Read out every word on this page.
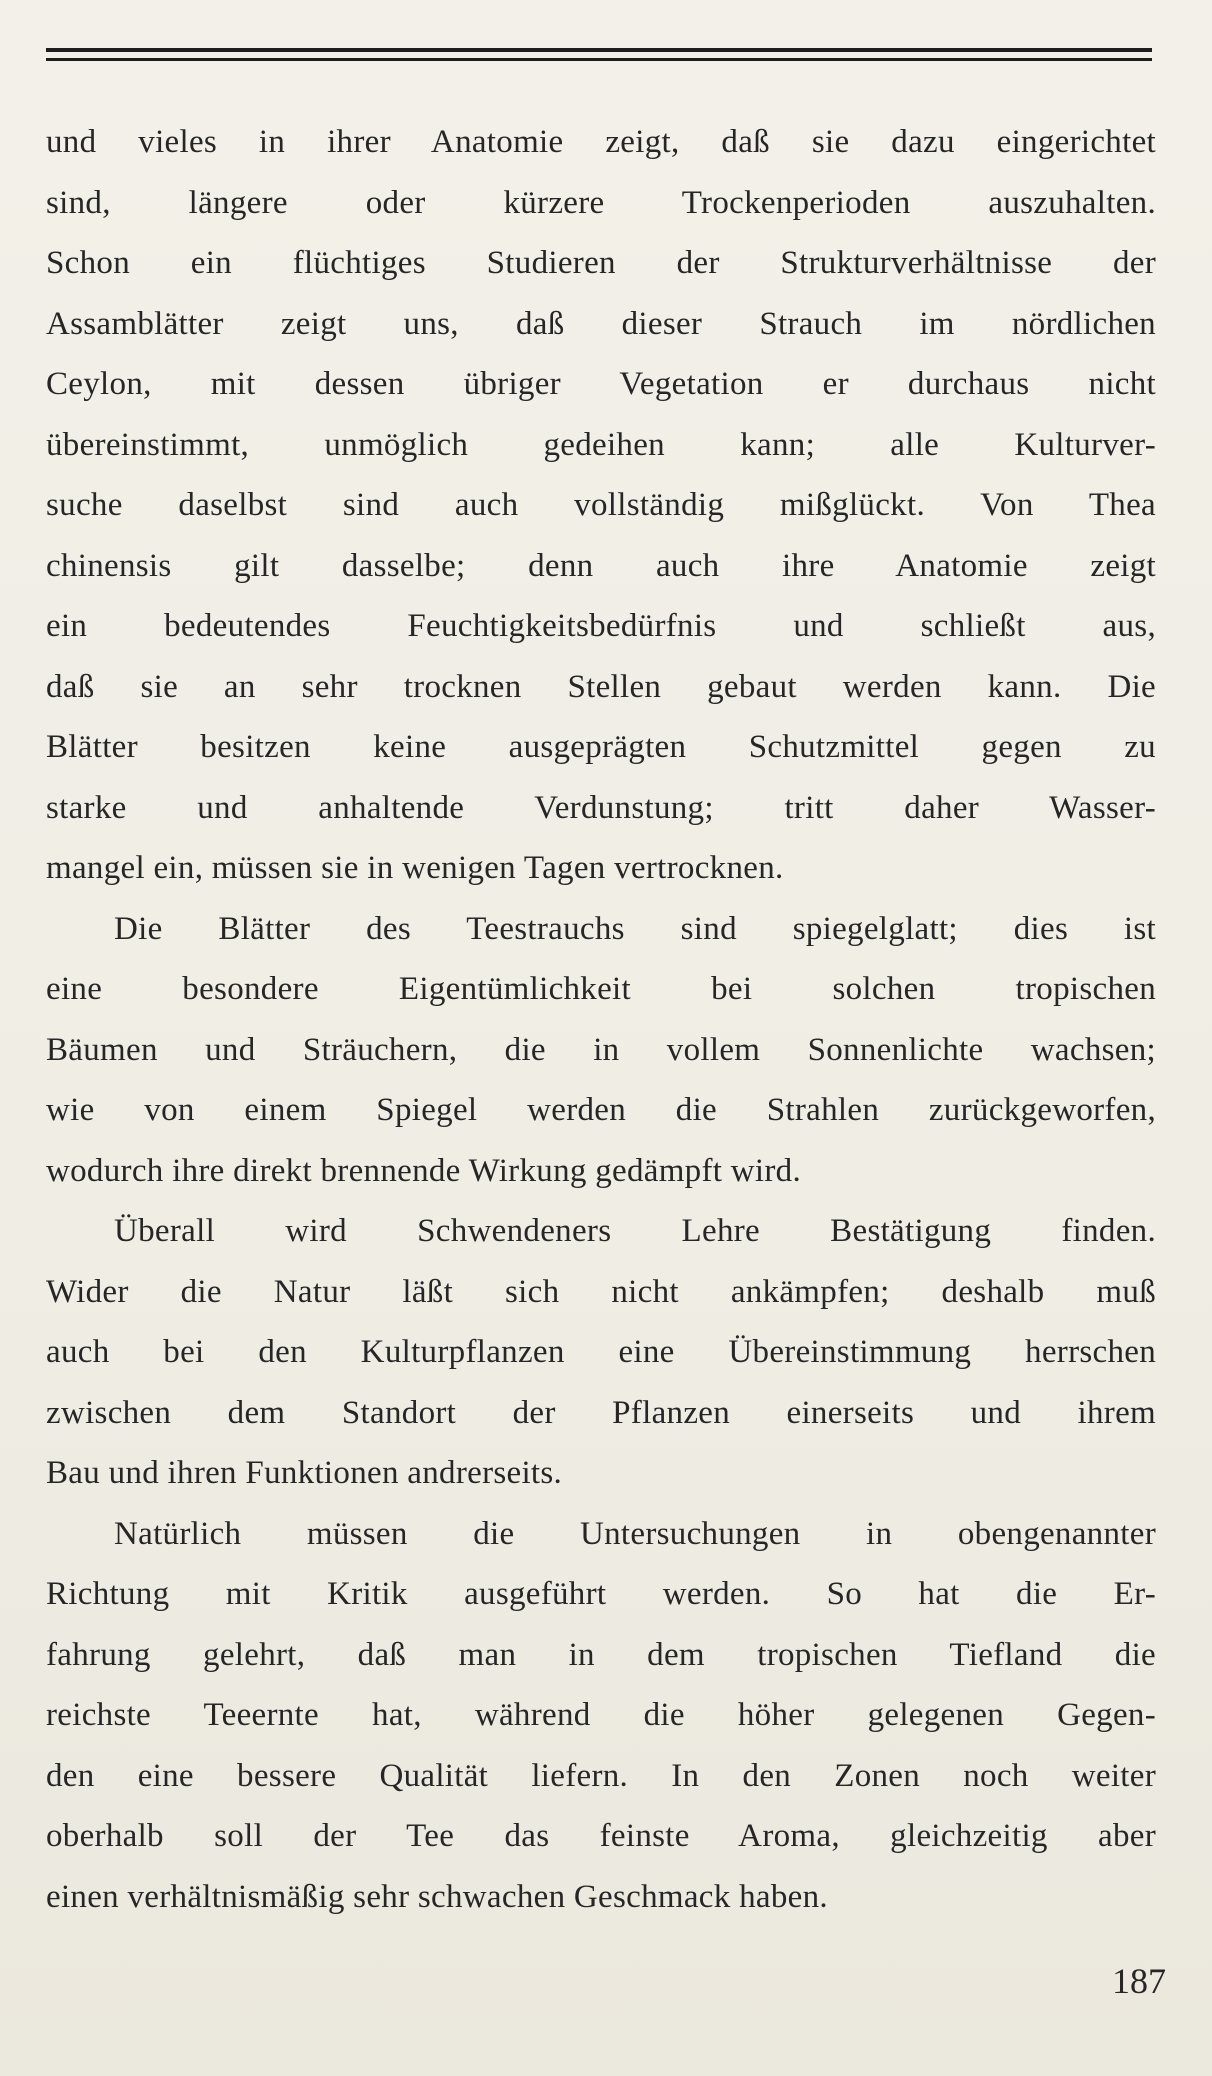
und vieles in ihrer Anatomie zeigt, daß sie dazu eingerichtet
sind, längere oder kürzere Trockenperioden auszuhalten.
Schon ein flüchtiges Studieren der Strukturverhältnisse der
Assamblätter zeigt uns, daß dieser Strauch im nördlichen
Ceylon, mit dessen übriger Vegetation er durchaus nicht
übereinstimmt, unmöglich gedeihen kann; alle Kulturver-
suche daselbst sind auch vollständig mißglückt. Von Thea
chinensis gilt dasselbe; denn auch ihre Anatomie zeigt
ein bedeutendes Feuchtigkeitsbedürfnis und schließt aus,
daß sie an sehr trocknen Stellen gebaut werden kann. Die
Blätter besitzen keine ausgeprägten Schutzmittel gegen zu
starke und anhaltende Verdunstung; tritt daher Wasser-
mangel ein, müssen sie in wenigen Tagen vertrocknen.
Die Blätter des Teestrauchs sind spiegelglatt; dies ist
eine besondere Eigentümlichkeit bei solchen tropischen
Bäumen und Sträuchern, die in vollem Sonnenlichte wachsen;
wie von einem Spiegel werden die Strahlen zurückgeworfen,
wodurch ihre direkt brennende Wirkung gedämpft wird.
Überall wird Schwendeners Lehre Bestätigung finden.
Wider die Natur läßt sich nicht ankämpfen; deshalb muß
auch bei den Kulturpflanzen eine Übereinstimmung herrschen
zwischen dem Standort der Pflanzen einerseits und ihrem
Bau und ihren Funktionen andrerseits.
Natürlich müssen die Untersuchungen in obengenannter
Richtung mit Kritik ausgeführt werden. So hat die Er-
fahrung gelehrt, daß man in dem tropischen Tiefland die
reichste Teeernte hat, während die höher gelegenen Gegen-
den eine bessere Qualität liefern. In den Zonen noch weiter
oberhalb soll der Tee das feinste Aroma, gleichzeitig aber
einen verhältnismäßig sehr schwachen Geschmack haben.
187
